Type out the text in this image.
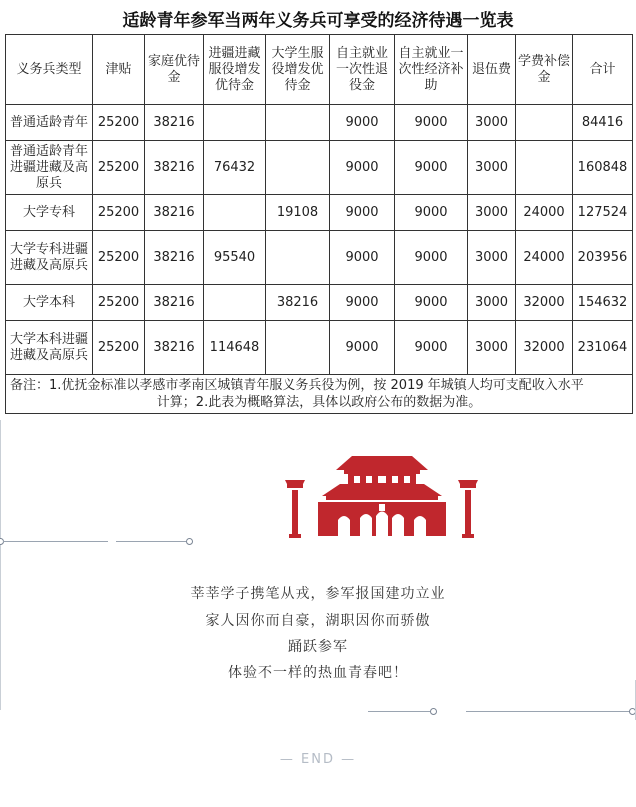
适龄青年参军当两年义务兵可享受的经济待遇一览表
义务兵类型	津贴	家庭优待金	进疆进藏服役增发优待金	大学生服役增发优待金	自主就业一次性退役金	自主就业一次性经济补助	退伍费	学费补偿金	合计
普通适龄青年	25200	38216			9000	9000	3000		84416
普通适龄青年进疆进藏及高原兵	25200	38216	76432		9000	9000	3000		160848
大学专科	25200	38216		19108	9000	9000	3000	24000	127524
大学专科进疆进藏及高原兵	25200	38216	95540		9000	9000	3000	24000	203956
大学本科	25200	38216		38216	9000	9000	3000	32000	154632
大学本科进疆进藏及高原兵	25200	38216	114648		9000	9000	3000	32000	231064

备注：1.优抚金标准以孝感市孝南区城镇青年服义务兵役为例，按 2019 年城镇人均可支配收入水平
计算；2.此表为概略算法，具体以政府公布的数据为准。									
莘莘学子携笔从戎，参军报国建功立业
家人因你而自豪，湖职因你而骄傲
踊跃参军
体验不一样的热血青春吧！
— END —
